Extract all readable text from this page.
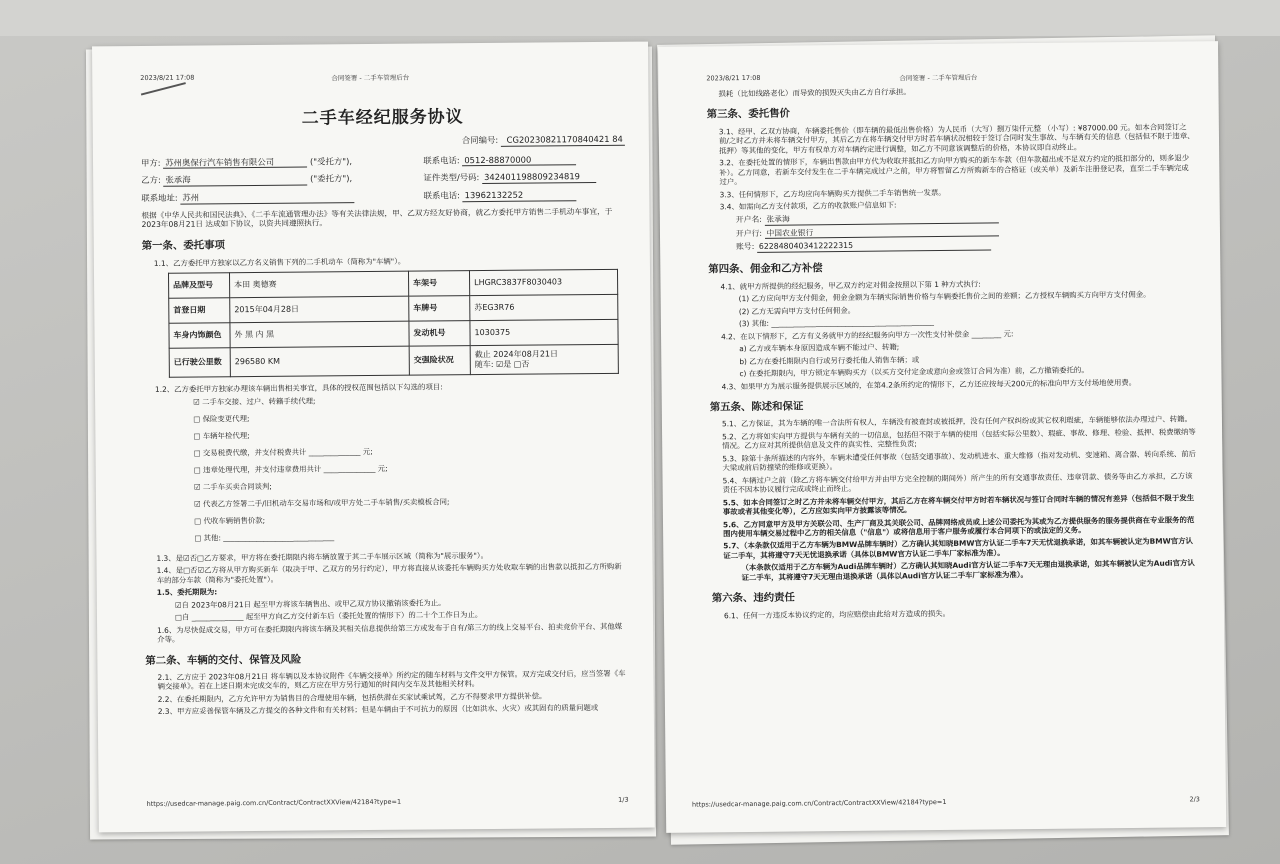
2023/8/21 17:08	合同签署 - 二手车管理后台
二手车经纪服务协议
合同编号: CG20230821170840421 84
甲方: 苏州奥保行汽车销售有限公司	("受托方"),	联系电话: 0512-88870000
乙方: 张承海	("委托方"),	证件类型/号码: 342401198809234819
联系地址: 苏州	联系电话: 13962132252
根据《中华人民共和国民法典》、《二手车流通管理办法》等有关法律法规，甲、乙双方经友好协商，就乙方委托甲方销售二手机动车事宜，于 2023年08月21日 达成如下协议，以资共同遵照执行。
第一条、委托事项
1.1、乙方委托甲方独家以乙方名义销售下列的二手机动车（简称为"车辆"）。
品牌及型号	本田 奥德赛	车架号	LHGRC3837F8030403
首登日期	2015年04月28日	车牌号	苏EG3R76
车身内饰颜色	外 黑 内 黑	发动机号	1030375
已行驶公里数	296580 KM	交强险状况	截止 2024年08月21日
随车: ☑是 □否
1.2、乙方委托甲方独家办理该车辆出售相关事宜，具体的授权范围包括以下勾选的项目:
☑ 二手车交接、过户、转籍手续代理;
□ 保险变更代理;
□ 车辆年检代理;
□ 交易税费代缴，并支付税费共计 ______________ 元;
□ 违章处理代理，并支付违章费用共计 ______________ 元;
☑ 二手车买卖合同谈判;
☑ 代表乙方签署二手/旧机动车交易市场和/或甲方处二手车销售/买卖模板合同;
□ 代收车辆销售价款;
□ 其他: ______________________________
1.3、是☑否□乙方要求，甲方将在委托期限内将车辆放置于其二手车展示区域（简称为"展示服务"）。
1.4、是□否☑乙方将从甲方购买新车（取决于甲、乙双方的另行约定），甲方将直接从该委托车辆购买方处收取车辆的出售款以抵扣乙方所购新车的部分车款（简称为"委托处置"）。
1.5、委托期限为:
☑自 2023年08月21日 起至甲方将该车辆售出、或甲乙双方协议撤销该委托为止。
□自 ______________ 起至甲方向乙方交付新车后（委托处置的情形下）的二十个工作日为止。
1.6、为尽快促成交易，甲方可在委托期限内将该车辆及其相关信息提供给第三方或发布于自有/第三方的线上交易平台、拍卖竞价平台、其他媒介等。
第二条、车辆的交付、保管及风险
2.1、乙方应于 2023年08月21日 将车辆以及本协议附件《车辆交接单》所约定的随车材料与文件交甲方保管。双方完成交付后，应当签署《车辆交接单》。若在上述日期未完成交车的，则乙方应在甲方另行通知的时间内交车及其他相关材料。
2.2、在委托期限内，乙方允许甲方为销售目的合理使用车辆，包括供潜在买家试乘试驾，乙方不得要求甲方提供补偿。
2.3、甲方应妥善保管车辆及乙方提交的各种文件和有关材料；但是车辆由于不可抗力的原因（比如洪水、火灾）或其固有的质量问题或
https://usedcar-manage.paig.com.cn/Contract/ContractXXView/42184?type=1	1/3
2023/8/21 17:08	合同签署 - 二手车管理后台
损耗（比如线路老化）而导致的损毁灭失由乙方自行承担。
第三条、委托售价
3.1、经甲、乙双方协商，车辆委托售价（即车辆的最低出售价格）为人民币（大写）捌万柒仟元整 （小写）: ¥87000.00 元。如本合同签订之前/之时乙方并未将车辆交付甲方，其后乙方在将车辆交付甲方时若车辆状况相较于签订合同时发生事故、与车辆有关的信息（包括但不限于违章、抵押）等其他的变化，甲方有权单方对车辆约定进行调整，如乙方不同意该调整后的价格，本协议即自动终止。
3.2、在委托处置的情形下，车辆出售款由甲方代为收取并抵扣乙方向甲方购买的新车车款（但车款超出或不足双方约定的抵扣部分的，则多退少补）。乙方同意，若新车交付发生在二手车辆完成过户之前，甲方将暂留乙方所购新车的合格证（或关单）及新车注册登记表，直至二手车辆完成过户。
3.3、任何情形下，乙方均应向车辆购买方提供二手车销售统一发票。
3.4、如需向乙方支付款项，乙方的收款账户信息如下:
开户名: 张承海
开户行: 中国农业银行
账号: 6228480403412222315
第四条、佣金和乙方补偿
4.1、就甲方所提供的经纪服务，甲乙双方约定对佣金按照以下第 1 种方式执行:
(1) 乙方应向甲方支付佣金，佣金金额为车辆实际销售价格与车辆委托售价之间的差额；乙方授权车辆购买方向甲方支付佣金。
(2) 乙方无需向甲方支付任何佣金。
(3) 其他: ____________________________________________
4.2、在以下情形下，乙方有义务就甲方的经纪服务向甲方一次性支付补偿金 ________ 元:
a) 乙方或车辆本身原因造成车辆不能过户、转籍;
b) 乙方在委托期限内自行或另行委托他人销售车辆；或
c) 在委托期限内，甲方锁定车辆购买方（以买方交付定金或意向金或签订合同为准）前，乙方撤销委托的。
4.3、如果甲方为展示服务提供展示区域的，在第4.2条所约定的情形下，乙方还应按每天200元的标准向甲方支付场地使用费。
第五条、陈述和保证
5.1、乙方保证，其为车辆的唯一合法所有权人，车辆没有被查封或被抵押，没有任何产权纠纷或其它权利瑕疵，车辆能够依法办理过户、转籍。
5.2、乙方将如实向甲方提供与车辆有关的一切信息，包括但不限于车辆的使用（包括实际公里数）、瑕疵、事故、修理、检验、抵押、税费缴纳等情况。乙方应对其所提供信息及文件的真实性、完整性负责;
5.3、除第十条所描述的内容外，车辆未遭受任何事故（包括交通事故）、发动机进水、重大维修（指对发动机、变速箱、离合器、转向系统、前后大梁或前后防撞梁的维修或更换）。
5.4、车辆过户之前（除乙方将车辆交付给甲方并由甲方完全控制的期间外）所产生的所有交通事故责任、违章罚款、债务等由乙方承担，乙方该责任不因本协议履行完成或终止而终止。
5.5、如本合同签订之时乙方并未将车辆交付甲方，其后乙方在将车辆交付甲方时若车辆状况与签订合同时车辆的情况有差异（包括但不限于发生事故或者其他变化等），乙方应如实向甲方披露该等情况。
5.6、乙方同意甲方及甲方关联公司、生产厂商及其关联公司、品牌网络成员或上述公司委托为其或为乙方提供服务的服务提供商在专业服务的范围内使用车辆交易过程中乙方的相关信息（"信息"）或将信息用于客户服务或履行本合同项下的或法定的义务。
5.7、（本条款仅适用于乙方车辆为BMW品牌车辆时）乙方确认其知晓BMW官方认证二手车7天无忧退换承诺，如其车辆被认定为BMW官方认证二手车，其将遵守7天无忧退换承诺（具体以BMW官方认证二手车厂家标准为准）。
（本条款仅适用于乙方车辆为Audi品牌车辆时）乙方确认其知晓Audi官方认证二手车7天无理由退换承诺，如其车辆被认定为Audi官方认证二手车，其将遵守7天无理由退换承诺（具体以Audi官方认证二手车厂家标准为准）。
第六条、违约责任
6.1、任何一方违反本协议约定的，均应赔偿由此给对方造成的损失。
https://usedcar-manage.paig.com.cn/Contract/ContractXXView/42184?type=1	2/3
